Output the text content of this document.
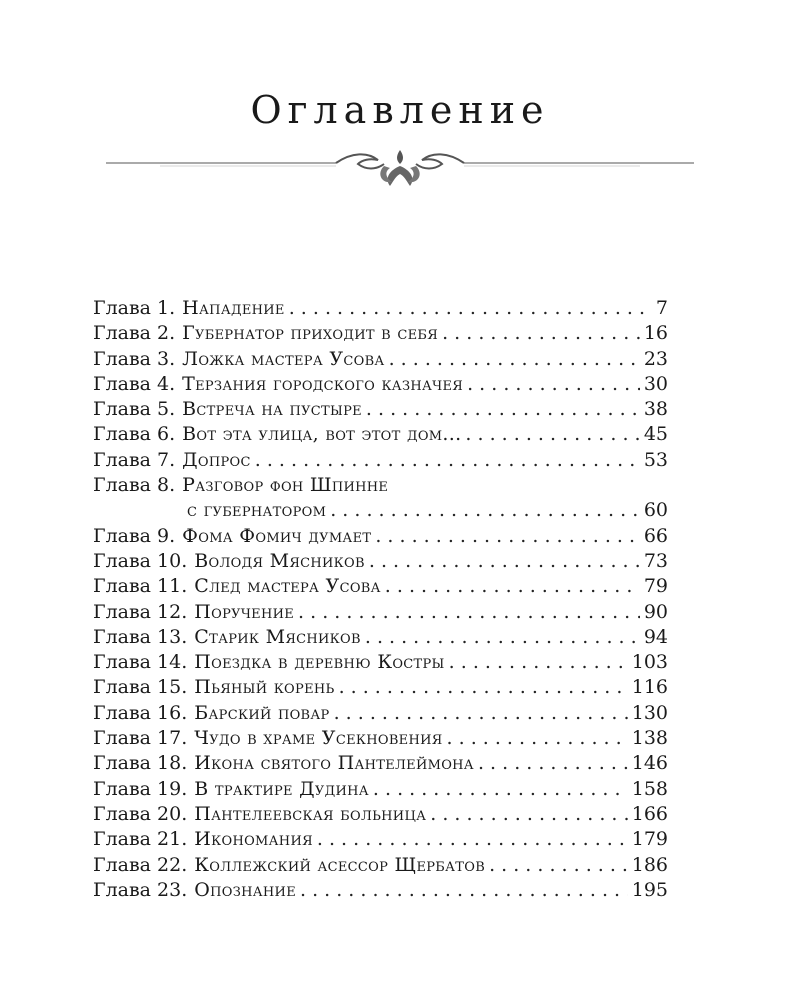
Оглавление
Глава 1. Нападение . . .	7
Глава 2. Губернатор приходит в себя . . .	16
Глава 3. Ложка мастера Усова . . .	23
Глава 4. Терзания городского казначея . . .	30
Глава 5. Встреча на пустыре . . .	38
Глава 6. Вот эта улица, вот этот дом... . . .	45
Глава 7. Допрос . . .	53
Глава 8. Разговор фон Шпинне
с губернатором . . .	60
Глава 9. Фома Фомич думает . . .	66
Глава 10. Володя Мясников . . .	73
Глава 11. След мастера Усова . . .	79
Глава 12. Поручение . . .	90
Глава 13. Старик Мясников . . .	94
Глава 14. Поездка в деревню Костры . . .	103
Глава 15. Пьяный корень . . .	116
Глава 16. Барский повар . . .	130
Глава 17. Чудо в храме Усекновения . . .	138
Глава 18. Икона святого Пантелеймона . . .	146
Глава 19. В трактире Дудина . . .	158
Глава 20. Пантелеевская больница . . .	166
Глава 21. Икономания . . .	179
Глава 22. Коллежский асессор Щербатов . . .	186
Глава 23. Опознание . . .	195
